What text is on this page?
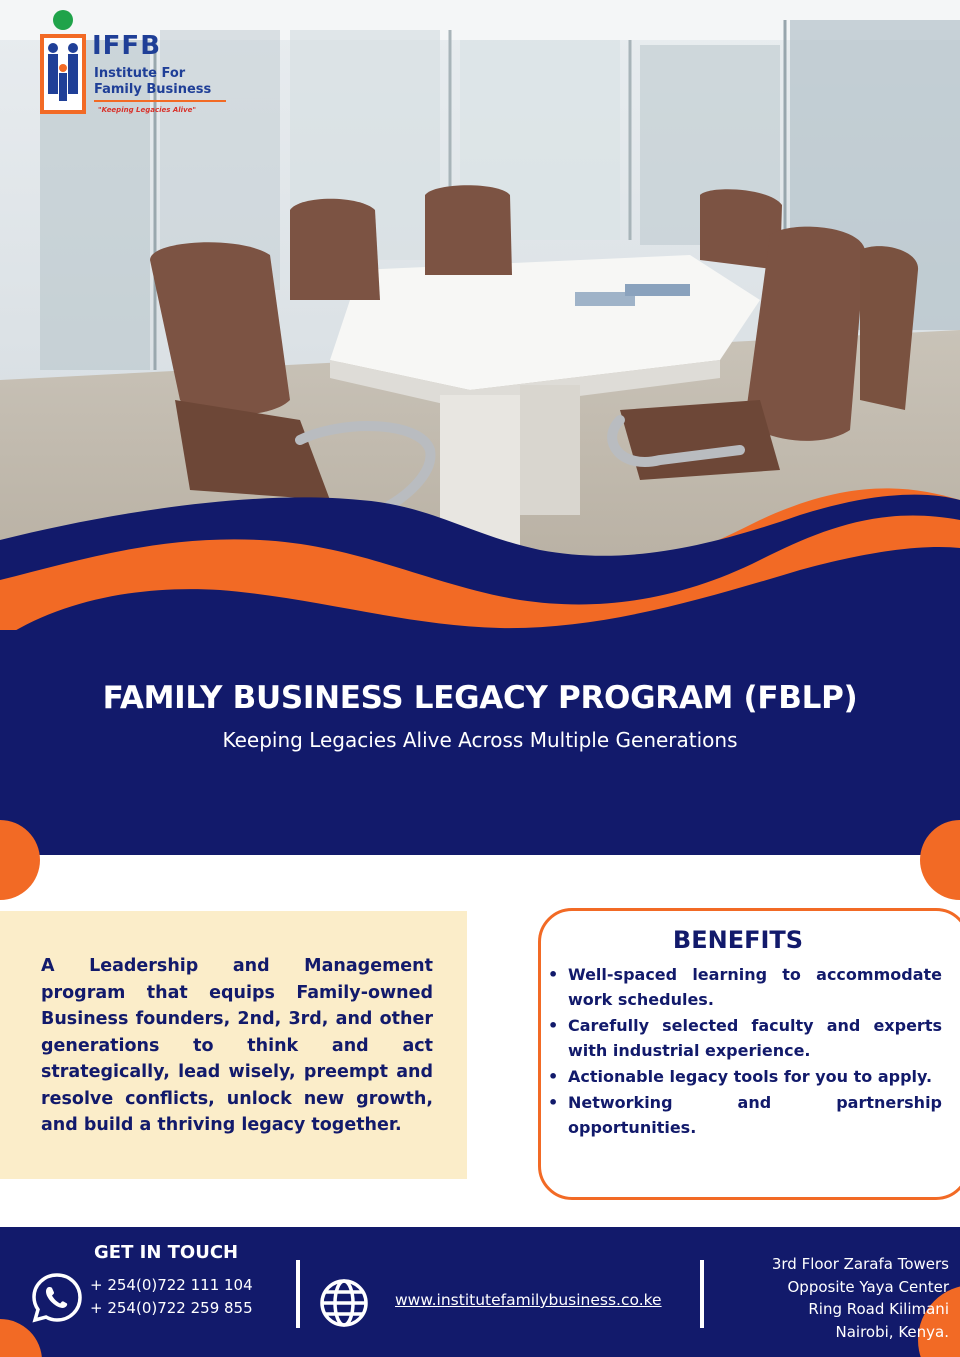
IFFB
Institute For
Family Business
"Keeping Legacies Alive"
FAMILY BUSINESS LEGACY PROGRAM (FBLP)
Keeping Legacies Alive Across Multiple Generations

A Leadership and Management program that equips Family-owned Business founders, 2nd, 3rd, and other generations to think and act strategically, lead wisely, preempt and resolve conflicts, unlock new growth, and build a thriving legacy together.

BENEFITS
• Well-spaced learning to accommodate work schedules.
• Carefully selected faculty and experts with industrial experience.
• Actionable legacy tools for you to apply.
• Networking and partnership opportunities.
GET IN TOUCH
+ 254(0)722 111 104
+ 254(0)722 259 855	www.institutefamilybusiness.co.ke
3rd Floor Zarafa Towers
Opposite Yaya Center
Ring Road Kilimani
Nairobi, Kenya.
